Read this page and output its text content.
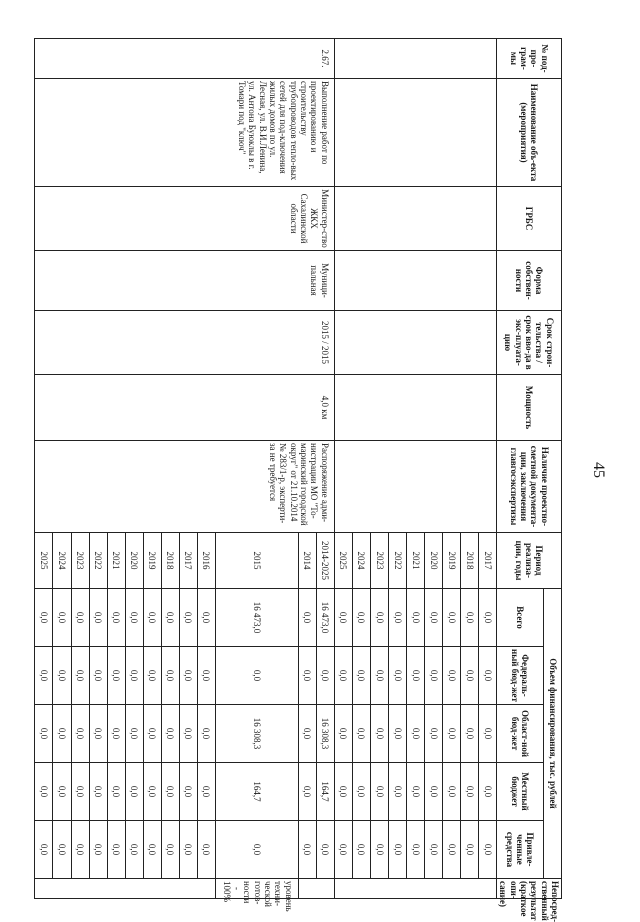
45
№ под-про-грам-мы	Наименование объ-екта (мероприятия)	ГРБС	Форма собствен-ности	Срок строи-тельства / срок вво-да в экс-плуата-цию	Мощность	Наличие проектно-сметной документа-ции, заключения главгосэкспертизы	Период реализа-ции, годы	Объем финансирования, тыс. рублей					Непосред-ственный результат (краткое опи-сание)
								Всего	Федераль-ный бюд-жет	Област-ной бюд-жет	Местный бюджет	Привле-ченные средства	
							2017	0,0	0,0	0,0	0,0	0,0	
							2018	0,0	0,0	0,0	0,0	0,0	
							2019	0,0	0,0	0,0	0,0	0,0	
							2020	0,0	0,0	0,0	0,0	0,0	
							2021	0,0	0,0	0,0	0,0	0,0	
							2022	0,0	0,0	0,0	0,0	0,0	
							2023	0,0	0,0	0,0	0,0	0,0	
							2024	0,0	0,0	0,0	0,0	0,0	
							2025	0,0	0,0	0,0	0,0	0,0	
2.67.	Выполнение работ по проектированию и строительству трубопроводов тепло-вых сетей для под-ключения жилых домов по ул. Лесная, ул. В.И.Ленина, ул. Антона Буюклы в г. Томари под "ключ"	Министер-ство ЖКХ Сахалинской области	Муници-пальная	2015 / 2015	4,0 км	Распоряжение адми-нистрации МО "То-маринский городской округ" от 21.10.2014 № 283/1-р, эксперти-за не требуется	2014-2025	16 473,0	0,0	16 308,3	164,7	0,0	
							2014	0,0	0,0	0,0	0,0	0,0	
							2015	16 473,0	0,0	16 308,3	164,7	0,0	уровень техни-ческой готов-ности - 100%
							2016	0,0	0,0	0,0	0,0	0,0	
							2017	0,0	0,0	0,0	0,0	0,0	
							2018	0,0	0,0	0,0	0,0	0,0	
							2019	0,0	0,0	0,0	0,0	0,0	
							2020	0,0	0,0	0,0	0,0	0,0	
							2021	0,0	0,0	0,0	0,0	0,0	
							2022	0,0	0,0	0,0	0,0	0,0	
							2023	0,0	0,0	0,0	0,0	0,0	
							2024	0,0	0,0	0,0	0,0	0,0	
							2025	0,0	0,0	0,0	0,0	0,0	
